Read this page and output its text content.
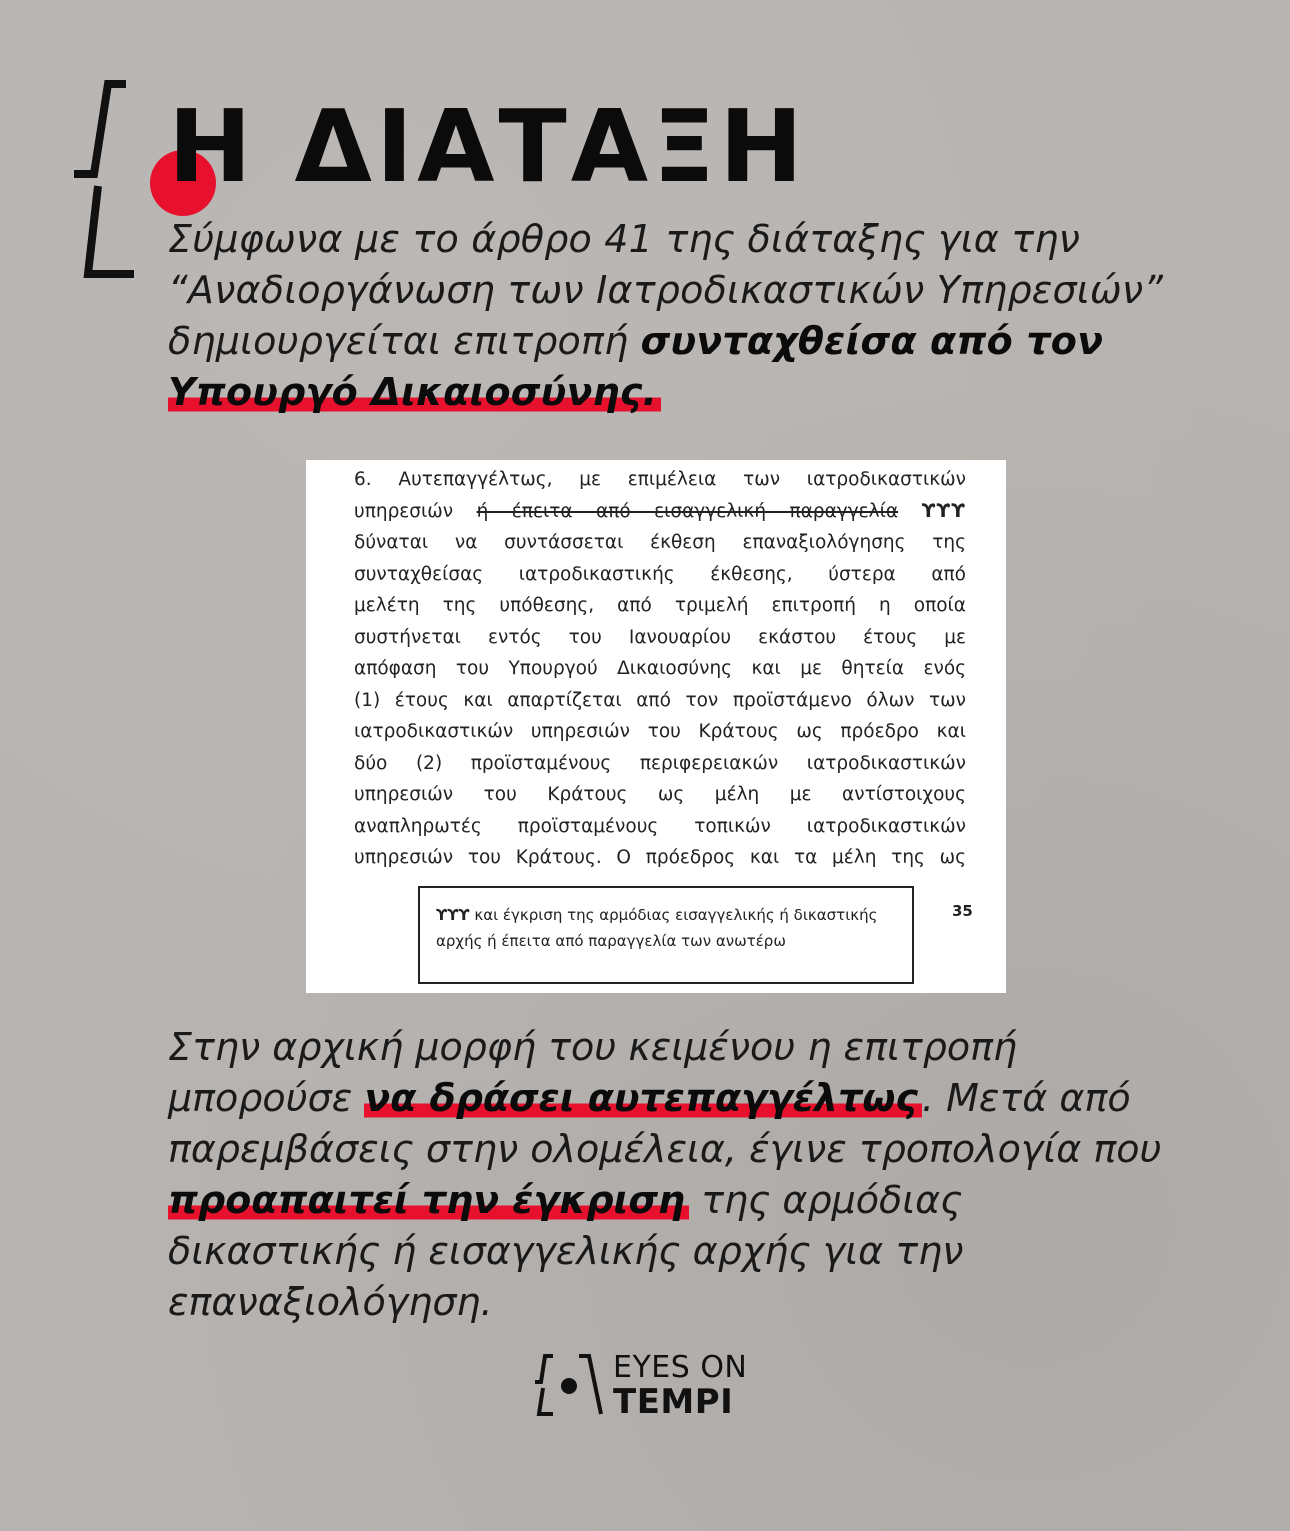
Η ΔΙΑΤΑΞΗ

Σύμφωνα με το άρθρο 41 της διάταξης για την “Αναδιοργάνωση των Ιατροδικαστικών Υπηρεσιών” δημιουργείται επιτροπή συνταχθείσα από τον
Υπουργό Δικαιοσύνης.

6. Αυτεπαγγέλτως, με επιμέλεια των ιατροδικαστικών
υπηρεσιών ή έπειτα από εισαγγελική παραγγελία ϒϒϒ
δύναται να συντάσσεται έκθεση επαναξιολόγησης της
συνταχθείσας ιατροδικαστικής έκθεσης, ύστερα από
μελέτη της υπόθεσης, από τριμελή επιτροπή η οποία
συστήνεται εντός του Ιανουαρίου εκάστου έτους με
απόφαση του Υπουργού Δικαιοσύνης και με θητεία ενός
(1) έτους και απαρτίζεται από τον προϊστάμενο όλων των
ιατροδικαστικών υπηρεσιών του Κράτους ως πρόεδρο και
δύο (2) προϊσταμένους περιφερειακών ιατροδικαστικών
υπηρεσιών του Κράτους ως μέλη με αντίστοιχους
αναπληρωτές προϊσταμένους τοπικών ιατροδικαστικών
υπηρεσιών του Κράτους. Ο πρόεδρος και τα μέλη της ως
ϒϒϒ και έγκριση της αρμόδιας εισαγγελικής ή δικαστικής αρχής ή έπειτα από παραγγελία των ανωτέρω
35

Στην αρχική μορφή του κειμένου η επιτροπή μπορούσε να δράσει αυτεπαγγέλτως . Μετά από παρεμβάσεις στην ολομέλεια, έγινε τροπολογία που προαπαιτεί την έγκριση της αρμόδιας δικαστικής ή εισαγγελικής αρχής για την επαναξιολόγηση.

EYES ON
TEMPI
